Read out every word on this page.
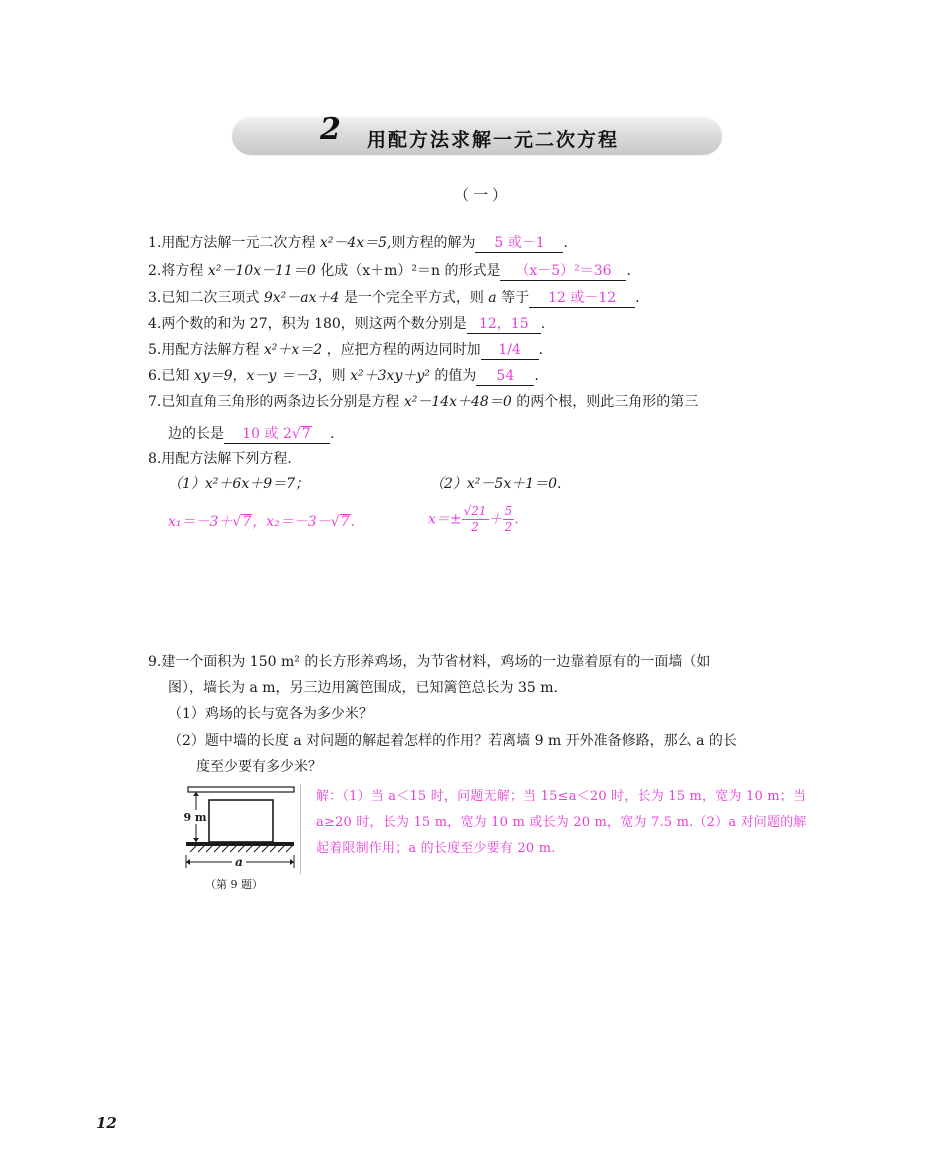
2 用配方法求解一元二次方程
（一）
1.用配方法解一元二次方程 x²－4x＝5,则方程的解为 5 或－1 .
2.将方程 x²－10x－11＝0 化成（x＋m）²＝n 的形式是 （x－5）²＝36 .
3.已知二次三项式 9x²－ax＋4 是一个完全平方式，则 a 等于 12 或－12 .
4.两个数的和为 27，积为 180，则这两个数分别是 12，15 .
5.用配方法解方程 x²＋x＝2 ，应把方程的两边同时加 1/4 .
6.已知 xy＝9，x－y ＝－3，则 x²＋3xy＋y² 的值为 54 .
7.已知直角三角形的两条边长分别是方程 x²－14x＋48＝0 的两个根，则此三角形的第三
边的长是 10 或 2√7 .
8.用配方法解下列方程.
（1）x²＋6x＋9＝7；	（2）x²－5x＋1＝0.
x₁＝－3＋√7，x₂＝－3－√7.	$x=\pm \frac{√21}{2} + \frac{5}{2}$ .
9.建一个面积为 150 m² 的长方形养鸡场，为节省材料，鸡场的一边靠着原有的一面墙（如
图），墙长为 a m，另三边用篱笆围成，已知篱笆总长为 35 m.
（1）鸡场的长与宽各为多少米？
（2）题中墙的长度 a 对问题的解起着怎样的作用？若离墙 9 m 开外准备修路，那么 a 的长
度至少要有多少米？
a
9 m
（第 9 题）
解：（1）当 a＜15 时，问题无解；当 15≤a＜20 时，长为 15 m，宽为 10 m；当 a≥20 时，长为 15 m，宽为 10 m 或长为 20 m，宽为 7.5 m.（2）a 对问题的解起着限制作用；a 的长度至少要有 20 m.
12
